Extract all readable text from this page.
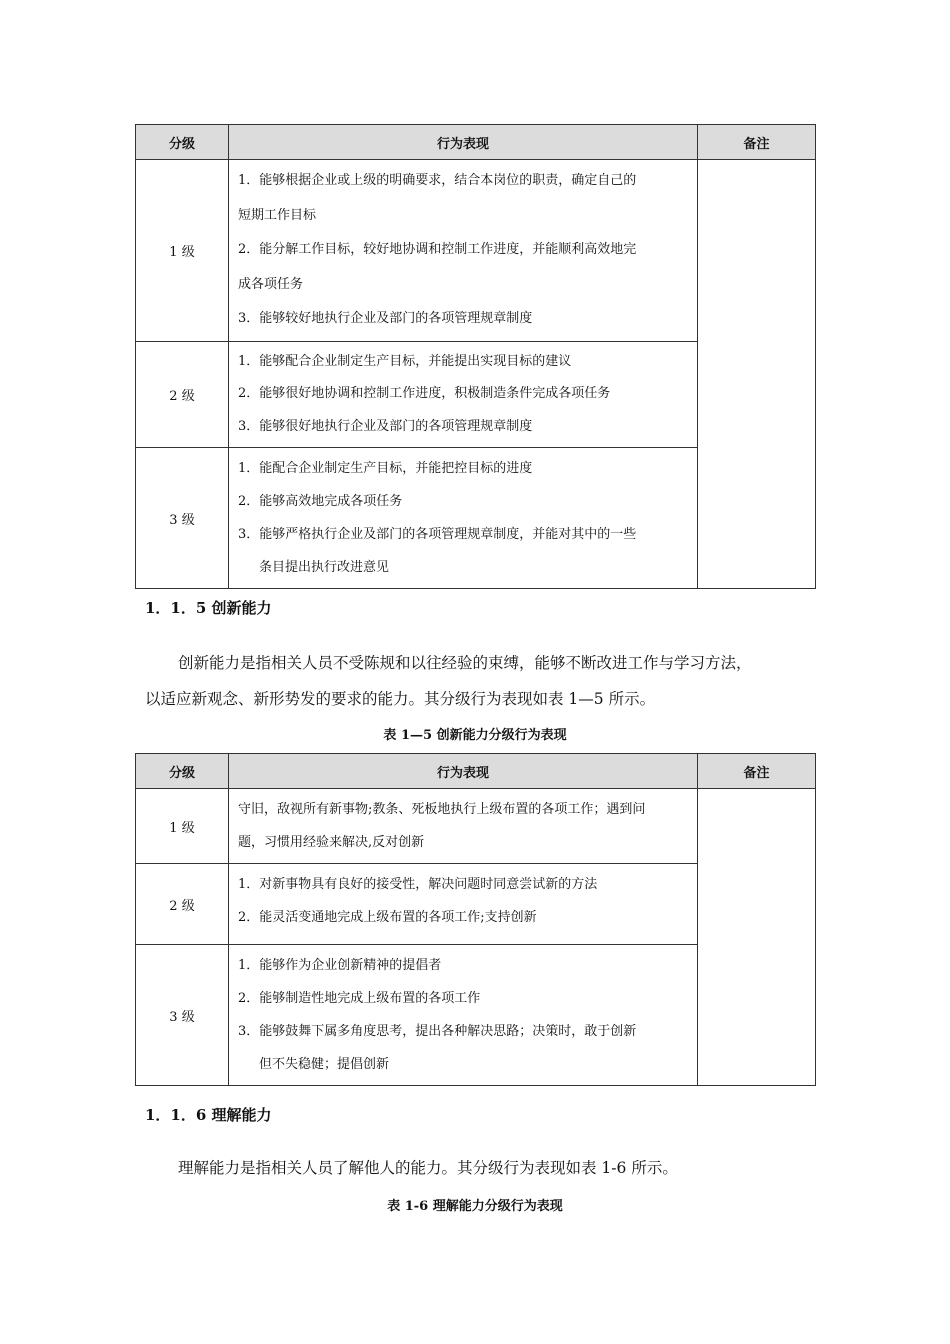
分级	行为表现	备注
1 级	1．能够根据企业或上级的明确要求，结合本岗位的职责，确定自己的
短期工作目标
2．能分解工作目标，较好地协调和控制工作进度，并能顺利高效地完
成各项任务
3．能够较好地执行企业及部门的各项管理规章制度	

2 级	1．能够配合企业制定生产目标，并能提出实现目标的建议
2．能够很好地协调和控制工作进度，积极制造条件完成各项任务
3．能够很好地执行企业及部门的各项管理规章制度	

3 级	1．能配合企业制定生产目标，并能把控目标的进度
2．能够高效地完成各项任务
3．能够严格执行企业及部门的各项管理规章制度，并能对其中的一些
条目提出执行改进意见	
1．1．5 创新能力
创新能力是指相关人员不受陈规和以往经验的束缚，能够不断改进工作与学习方法，
以适应新观念、新形势发的要求的能力。其分级行为表现如表 1—5 所示。
表 1—5 创新能力分级行为表现
分级	行为表现	备注
1 级	守旧，敌视所有新事物;教条、死板地执行上级布置的各项工作；遇到问
题，习惯用经验来解决,反对创新	

2 级	1．对新事物具有良好的接受性，解决问题时同意尝试新的方法
2．能灵活变通地完成上级布置的各项工作;支持创新	

3 级	1．能够作为企业创新精神的提倡者
2．能够制造性地完成上级布置的各项工作
3．能够鼓舞下属多角度思考，提出各种解决思路；决策时，敢于创新
但不失稳健；提倡创新	
1．1．6 理解能力
理解能力是指相关人员了解他人的能力。其分级行为表现如表 1-6 所示。
表 1-6 理解能力分级行为表现
